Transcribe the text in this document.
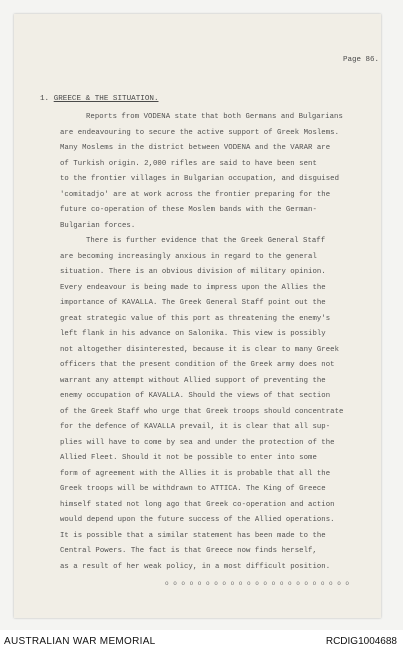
Page 86.
1. GREECE & THE SITUATION.
Reports from VODENA state that both Germans and Bulgarians
are endeavouring to secure the active support of Greek Moslems.
Many Moslems in the district between VODENA and the VARAR are
of Turkish origin. 2,000 rifles are said to have been sent
to the frontier villages in Bulgarian occupation, and disguised
'comitadjo' are at work across the frontier preparing for the
future co-operation of these Moslem bands with the German-
Bulgarian forces.
There is further evidence that the Greek General Staff
are becoming increasingly anxious in regard to the general
situation. There is an obvious division of military opinion.
Every endeavour is being made to impress upon the Allies the
importance of KAVALLA. The Greek General Staff point out the
great strategic value of this port as threatening the enemy's
left flank in his advance on Salonika. This view is possibly
not altogether disinterested, because it is clear to many Greek
officers that the present condition of the Greek army does not
warrant any attempt without Allied support of preventing the
enemy occupation of KAVALLA. Should the views of that section
of the Greek Staff who urge that Greek troops should concentrate
for the defence of KAVALLA prevail, it is clear that all sup-
plies will have to come by sea and under the protection of the
Allied Fleet. Should it not be possible to enter into some
form of agreement with the Allies it is probable that all the
Greek troops will be withdrawn to ATTICA. The King of Greece
himself stated not long ago that Greek co-operation and action
would depend upon the future success of the Allied operations.
It is possible that a similar statement has been made to the
Central Powers. The fact is that Greece now finds herself,
as a result of her weak policy, in a most difficult position.
o o o o o o o o o o o o o o o o o o o o o o o
AUSTRALIAN WAR MEMORIAL	RCDIG1004688
